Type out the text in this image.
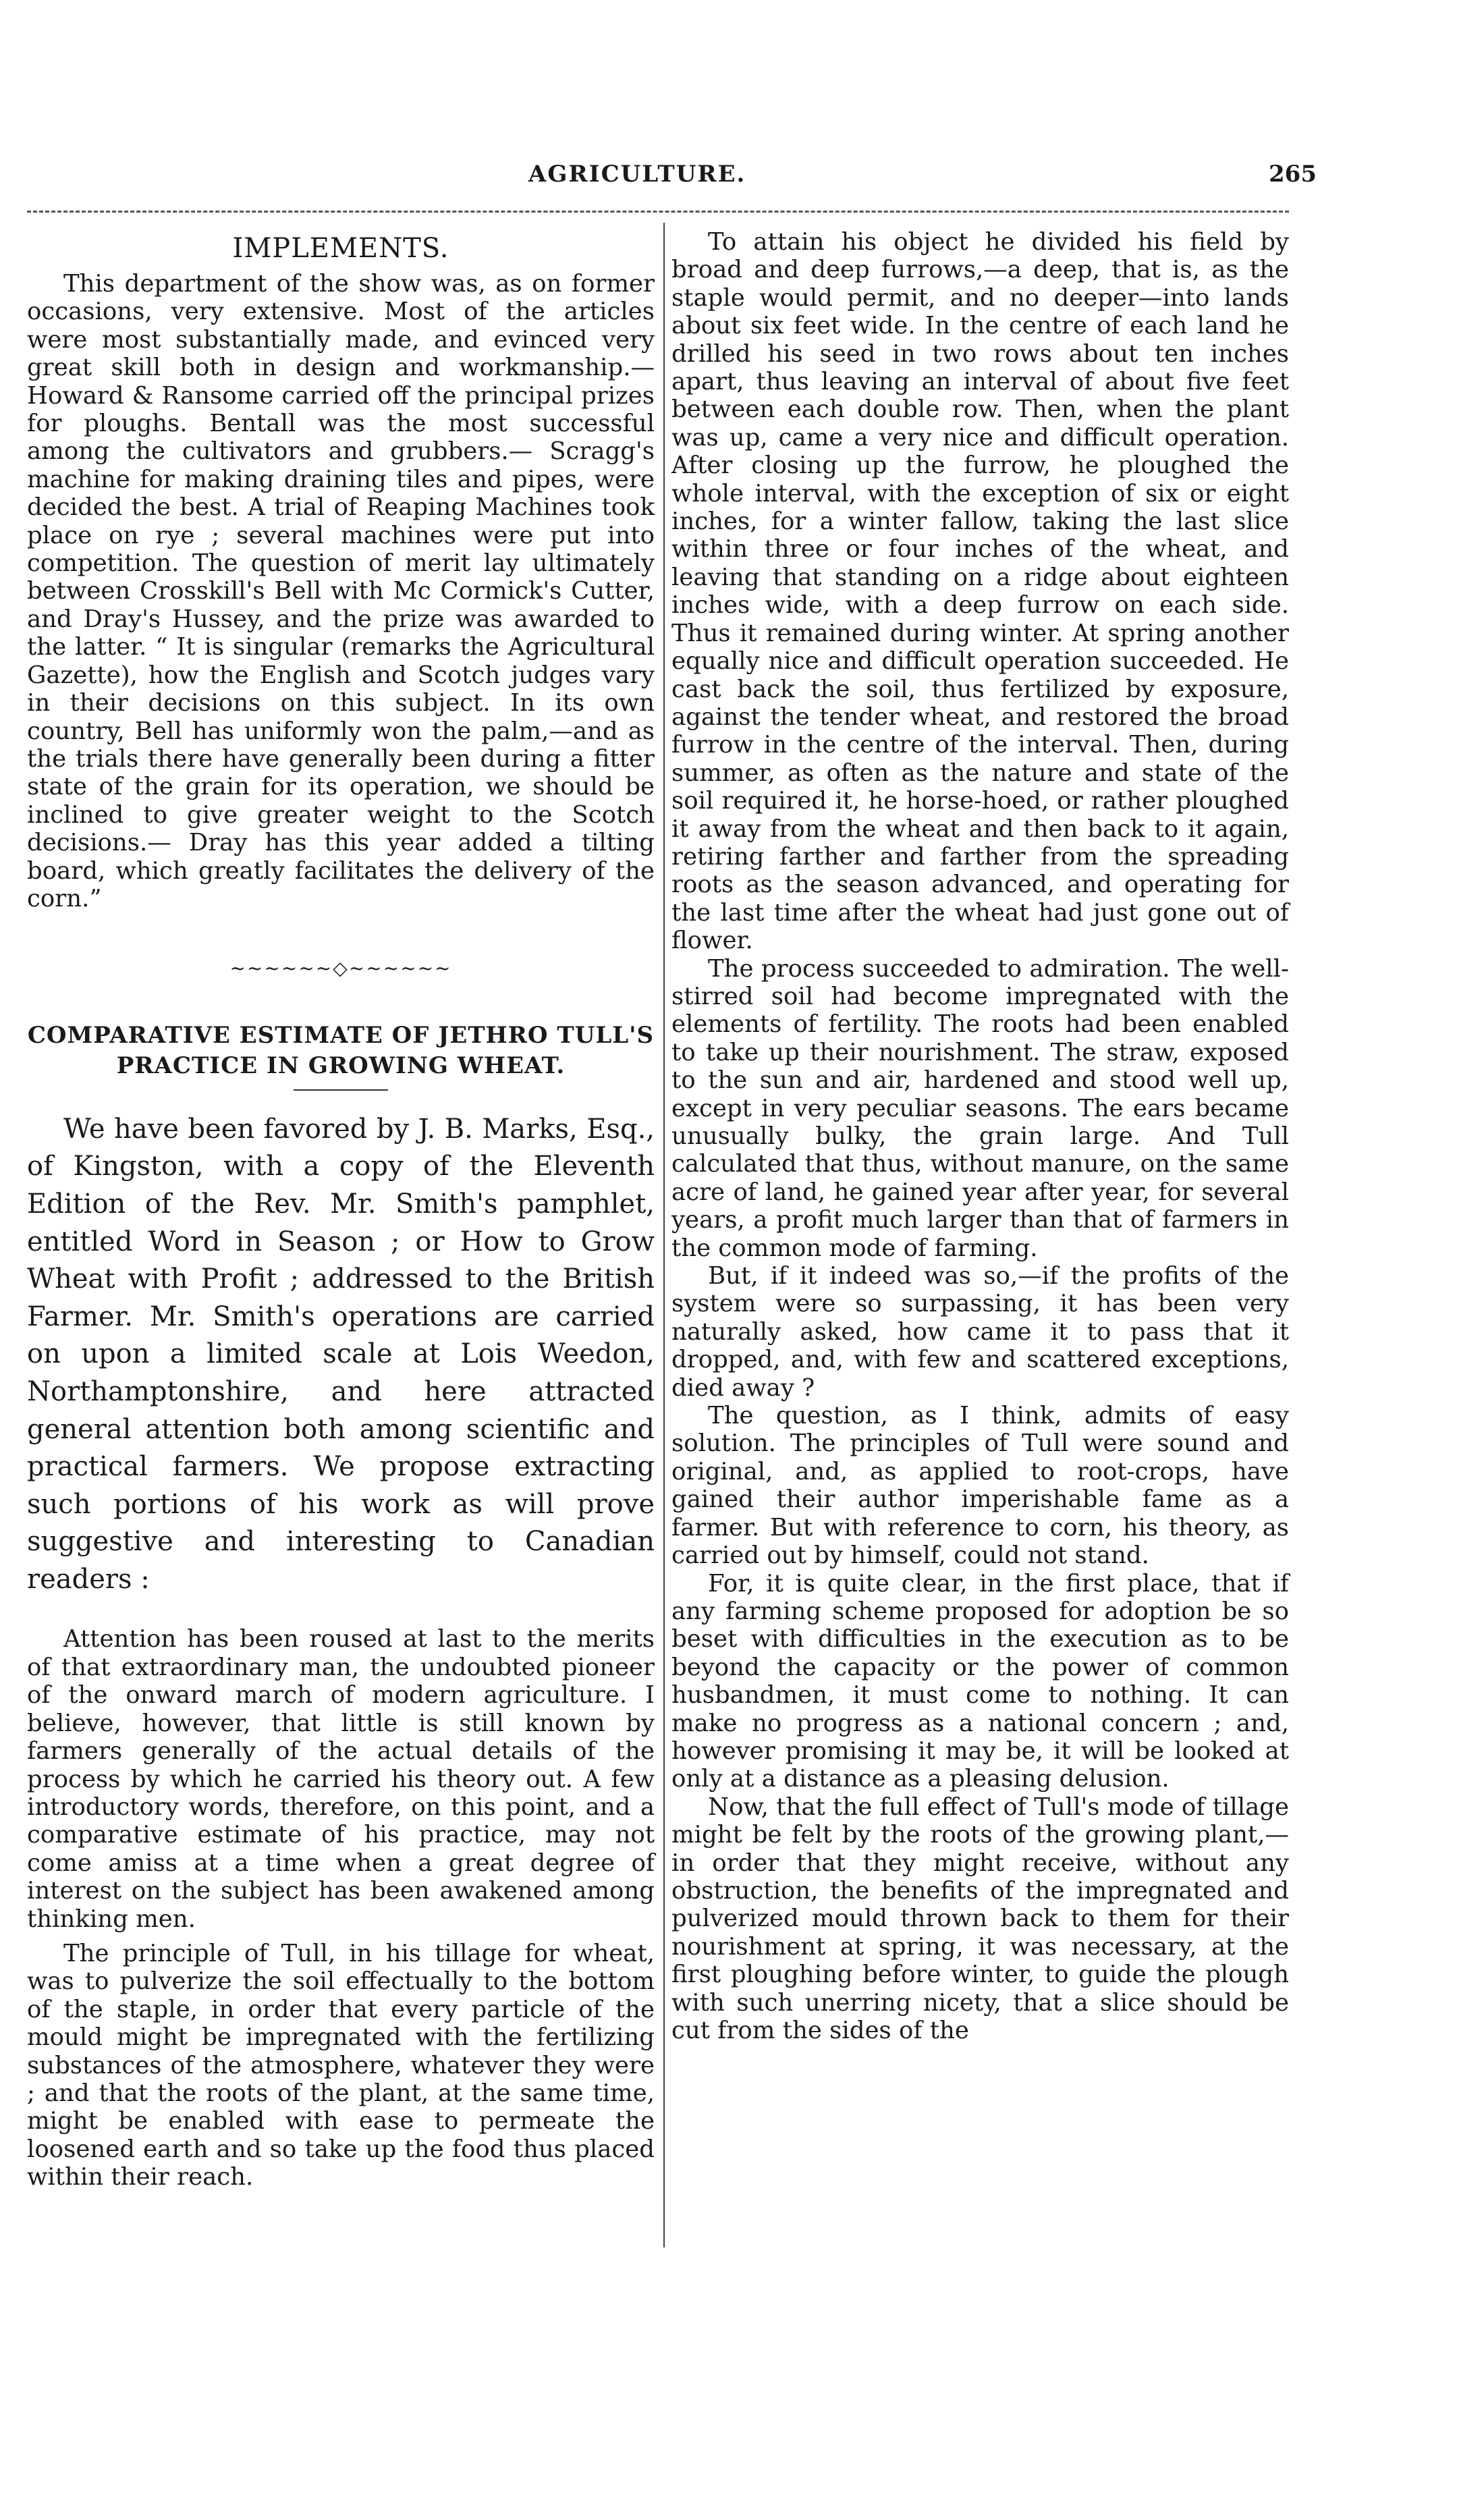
AGRICULTURE.	265
IMPLEMENTS.

This department of the show was, as on former occasions, very extensive. Most of the articles were most substantially made, and evinced very great skill both in design and workmanship.— Howard & Ransome carried off the principal prizes for ploughs. Bentall was the most successful among the cultivators and grubbers.— Scragg's machine for making draining tiles and pipes, were decided the best. A trial of Reaping Machines took place on rye ; several machines were put into competition. The question of merit lay ultimately between Crosskill's Bell with Mc Cormick's Cutter, and Dray's Hussey, and the prize was awarded to the latter. “ It is singular (remarks the Agricultural Gazette), how the English and Scotch judges vary in their decisions on this subject. In its own country, Bell has uniformly won the palm,—and as the trials there have generally been during a fitter state of the grain for its operation, we should be inclined to give greater weight to the Scotch decisions.— Dray has this year added a tilting board, which greatly facilitates the delivery of the corn.”

~~~~~~◇~~~~~~
COMPARATIVE ESTIMATE OF JETHRO TULL'S
PRACTICE IN GROWING WHEAT.

We have been favored by J. B. Marks, Esq., of Kingston, with a copy of the Eleventh Edition of the Rev. Mr. Smith's pamphlet, entitled Word in Season ; or How to Grow Wheat with Profit ; addressed to the British Farmer. Mr. Smith's operations are carried on upon a limited scale at Lois Weedon, Northamptonshire, and here attracted general attention both among scientific and practical farmers. We propose extracting such portions of his work as will prove suggestive and interesting to Canadian readers :

Attention has been roused at last to the merits of that extraordinary man, the undoubted pioneer of the onward march of modern agriculture. I believe, however, that little is still known by farmers generally of the actual details of the process by which he carried his theory out. A few introductory words, therefore, on this point, and a comparative estimate of his practice, may not come amiss at a time when a great degree of interest on the subject has been awakened among thinking men.

The principle of Tull, in his tillage for wheat, was to pulverize the soil effectually to the bottom of the staple, in order that every particle of the mould might be impregnated with the fertilizing substances of the atmosphere, whatever they were ; and that the roots of the plant, at the same time, might be enabled with ease to permeate the loosened earth and so take up the food thus placed within their reach.

To attain his object he divided his field by broad and deep furrows,—a deep, that is, as the staple would permit, and no deeper—into lands about six feet wide. In the centre of each land he drilled his seed in two rows about ten inches apart, thus leaving an interval of about five feet between each double row. Then, when the plant was up, came a very nice and difficult operation. After closing up the furrow, he ploughed the whole interval, with the exception of six or eight inches, for a winter fallow, taking the last slice within three or four inches of the wheat, and leaving that standing on a ridge about eighteen inches wide, with a deep furrow on each side. Thus it remained during winter. At spring another equally nice and difficult operation succeeded. He cast back the soil, thus fertilized by exposure, against the tender wheat, and restored the broad furrow in the centre of the interval. Then, during summer, as often as the nature and state of the soil required it, he horse-hoed, or rather ploughed it away from the wheat and then back to it again, retiring farther and farther from the spreading roots as the season advanced, and operating for the last time after the wheat had just gone out of flower.

The process succeeded to admiration. The well-stirred soil had become impregnated with the elements of fertility. The roots had been enabled to take up their nourishment. The straw, exposed to the sun and air, hardened and stood well up, except in very peculiar seasons. The ears became unusually bulky, the grain large. And Tull calculated that thus, without manure, on the same acre of land, he gained year after year, for several years, a profit much larger than that of farmers in the common mode of farming.

But, if it indeed was so,—if the profits of the system were so surpassing, it has been very naturally asked, how came it to pass that it dropped, and, with few and scattered exceptions, died away ?

The question, as I think, admits of easy solution. The principles of Tull were sound and original, and, as applied to root-crops, have gained their author imperishable fame as a farmer. But with reference to corn, his theory, as carried out by himself, could not stand.

For, it is quite clear, in the first place, that if any farming scheme proposed for adoption be so beset with difficulties in the execution as to be beyond the capacity or the power of common husbandmen, it must come to nothing. It can make no progress as a national concern ; and, however promising it may be, it will be looked at only at a distance as a pleasing delusion.

Now, that the full effect of Tull's mode of tillage might be felt by the roots of the growing plant,—in order that they might receive, without any obstruction, the benefits of the impregnated and pulverized mould thrown back to them for their nourishment at spring, it was necessary, at the first ploughing before winter, to guide the plough with such unerring nicety, that a slice should be cut from the sides of the
